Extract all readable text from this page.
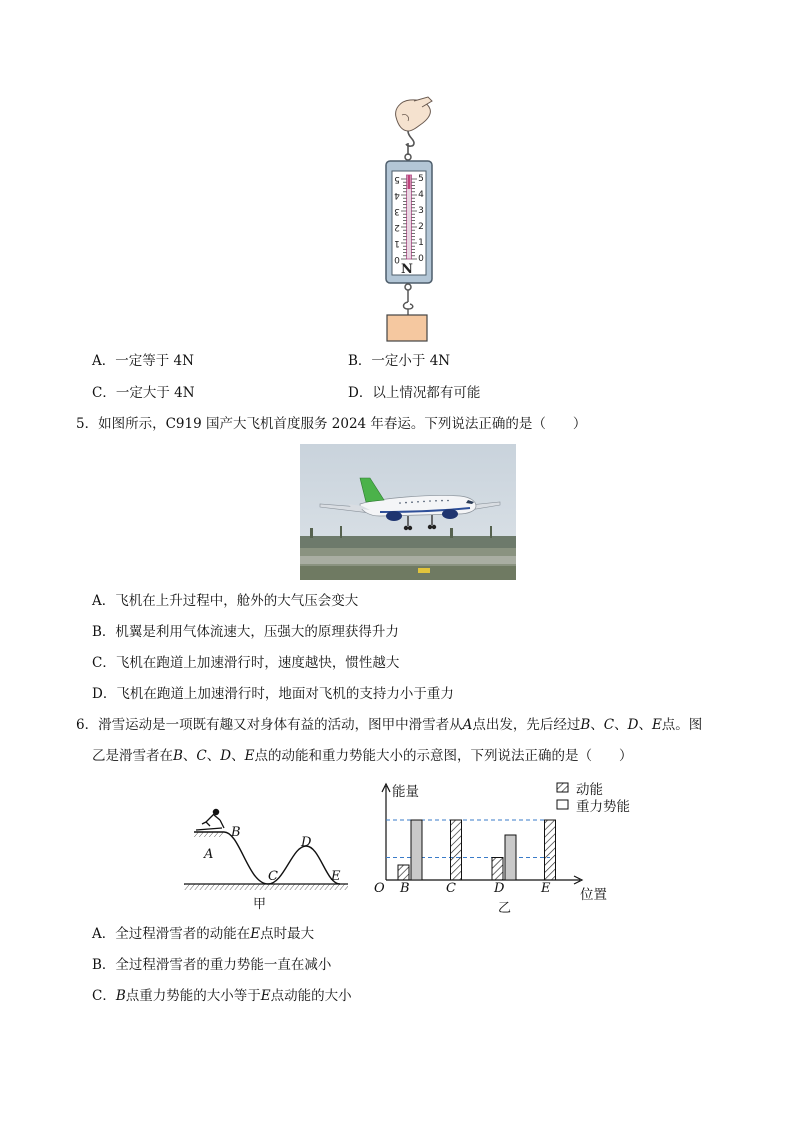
0
1
2
3
4
5
0
1
2
3
4
5
N
A．一定等于 4N	B．一定小于 4N
C．一定大于 4N	D．以上情况都有可能
5．如图所示，C919 国产大飞机首度服务 2024 年春运。下列说法正确的是（　　）
A．飞机在上升过程中，舱外的大气压会变大
B．机翼是利用气体流速大，压强大的原理获得升力
C．飞机在跑道上加速滑行时，速度越快，惯性越大
D．飞机在跑道上加速滑行时，地面对飞机的支持力小于重力
6．滑雪运动是一项既有趣又对身体有益的活动，图甲中滑雪者从A点出发，先后经过B、C、D、E点。图
乙是滑雪者在B、C、D、E点的动能和重力势能大小的示意图，下列说法正确的是（　　）
A
B
C
D
E
甲
能量
位置
O
动能
重力势能
B	C	D	E
乙
A．全过程滑雪者的动能在E点时最大
B．全过程滑雪者的重力势能一直在减小
C．B点重力势能的大小等于E点动能的大小
